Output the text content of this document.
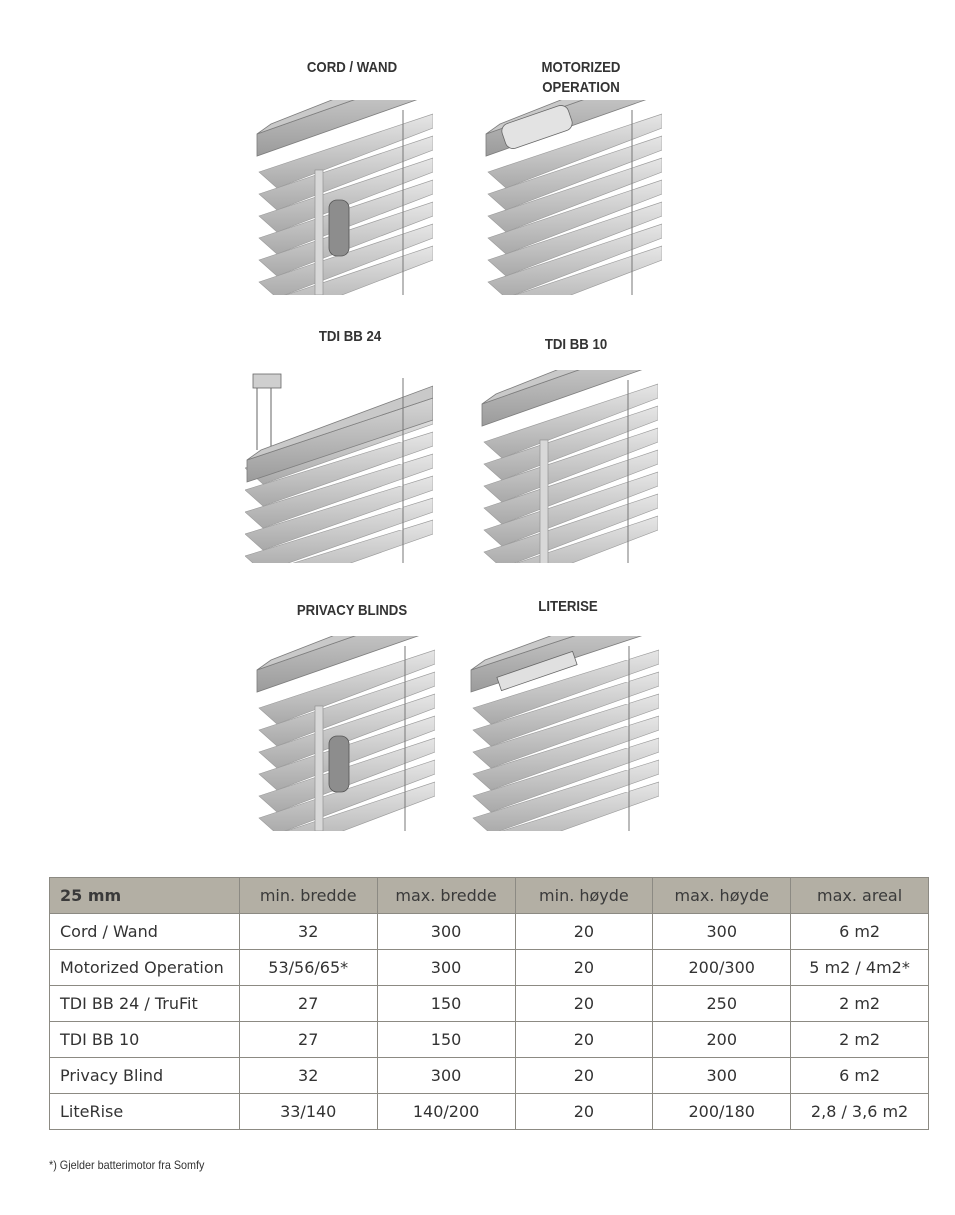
CORD / WAND	MOTORIZED
OPERATION
TDI BB 24	TDI BB 10
PRIVACY BLINDS	LITERISE
25 mm	min. bredde	max. bredde	min. høyde	max. høyde	max. areal
Cord / Wand	32	300	20	300	6 m2
Motorized Operation	53/56/65*	300	20	200/300	5 m2 / 4m2*
TDI BB 24 / TruFit	27	150	20	250	2 m2
TDI BB 10	27	150	20	200	2 m2
Privacy Blind	32	300	20	300	6 m2
LiteRise	33/140	140/200	20	200/180	2,8 / 3,6 m2
*) Gjelder batterimotor fra Somfy
